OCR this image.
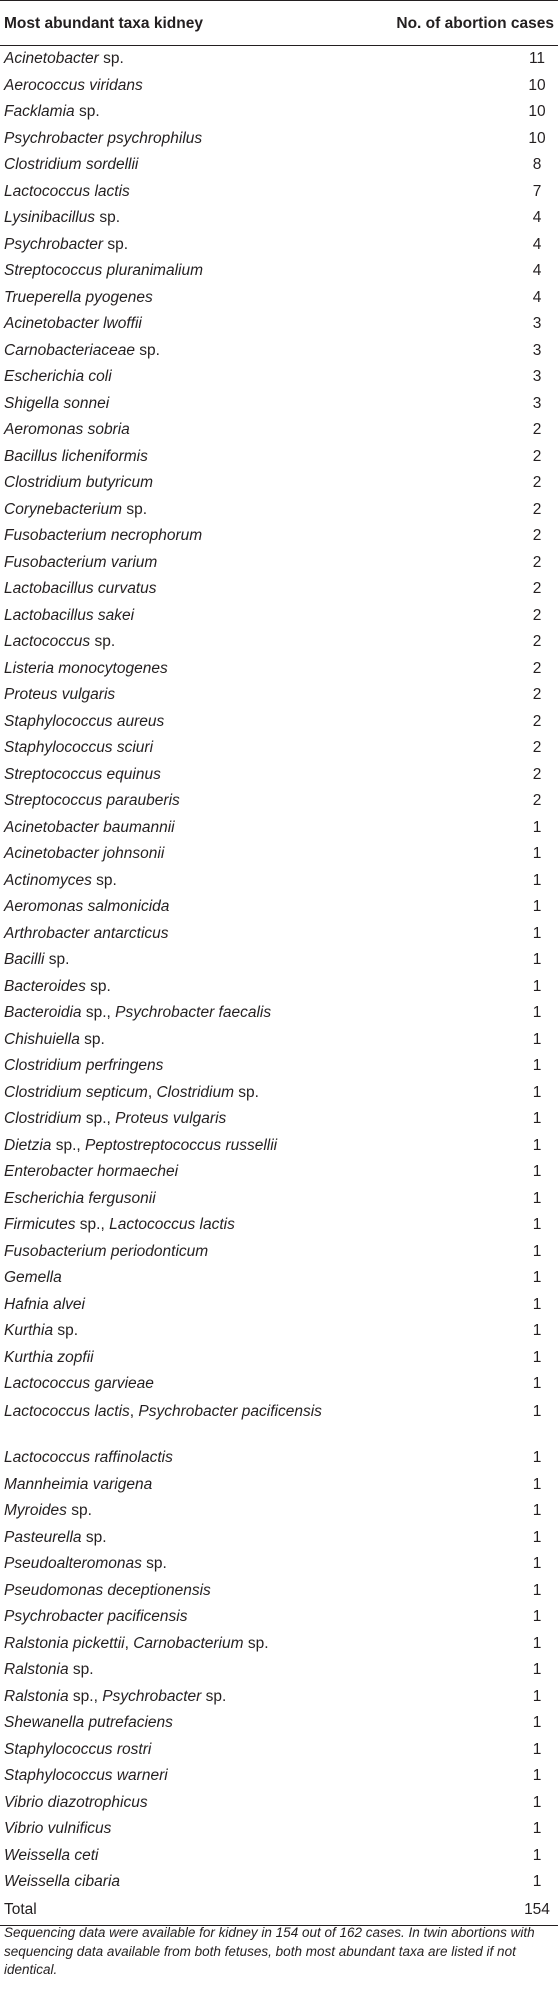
Most abundant taxa kidney	No. of abortion cases
Acinetobacter sp.	11
Aerococcus viridans	10
Facklamia sp.	10
Psychrobacter psychrophilus	10
Clostridium sordellii	8
Lactococcus lactis	7
Lysinibacillus sp.	4
Psychrobacter sp.	4
Streptococcus pluranimalium	4
Trueperella pyogenes	4
Acinetobacter lwoffii	3
Carnobacteriaceae sp.	3
Escherichia coli	3
Shigella sonnei	3
Aeromonas sobria	2
Bacillus licheniformis	2
Clostridium butyricum	2
Corynebacterium sp.	2
Fusobacterium necrophorum	2
Fusobacterium varium	2
Lactobacillus curvatus	2
Lactobacillus sakei	2
Lactococcus sp.	2
Listeria monocytogenes	2
Proteus vulgaris	2
Staphylococcus aureus	2
Staphylococcus sciuri	2
Streptococcus equinus	2
Streptococcus parauberis	2
Acinetobacter baumannii	1
Acinetobacter johnsonii	1
Actinomyces sp.	1
Aeromonas salmonicida	1
Arthrobacter antarcticus	1
Bacilli sp.	1
Bacteroides sp.	1
Bacteroidia sp., Psychrobacter faecalis	1
Chishuiella sp.	1
Clostridium perfringens	1
Clostridium septicum, Clostridium sp.	1
Clostridium sp., Proteus vulgaris	1
Dietzia sp., Peptostreptococcus russellii	1
Enterobacter hormaechei	1
Escherichia fergusonii	1
Firmicutes sp., Lactococcus lactis	1
Fusobacterium periodonticum	1
Gemella	1
Hafnia alvei	1
Kurthia sp.	1
Kurthia zopfii	1
Lactococcus garvieae	1
Lactococcus lactis, Psychrobacter pacificensis	1
Lactococcus raffinolactis	1
Mannheimia varigena	1
Myroides sp.	1
Pasteurella sp.	1
Pseudoalteromonas sp.	1
Pseudomonas deceptionensis	1
Psychrobacter pacificensis	1
Ralstonia pickettii, Carnobacterium sp.	1
Ralstonia sp.	1
Ralstonia sp., Psychrobacter sp.	1
Shewanella putrefaciens	1
Staphylococcus rostri	1
Staphylococcus warneri	1
Vibrio diazotrophicus	1
Vibrio vulnificus	1
Weissella ceti	1
Weissella cibaria	1
Total	154
Sequencing data were available for kidney in 154 out of 162 cases. In twin abortions with sequencing data available from both fetuses, both most abundant taxa are listed if not identical.
